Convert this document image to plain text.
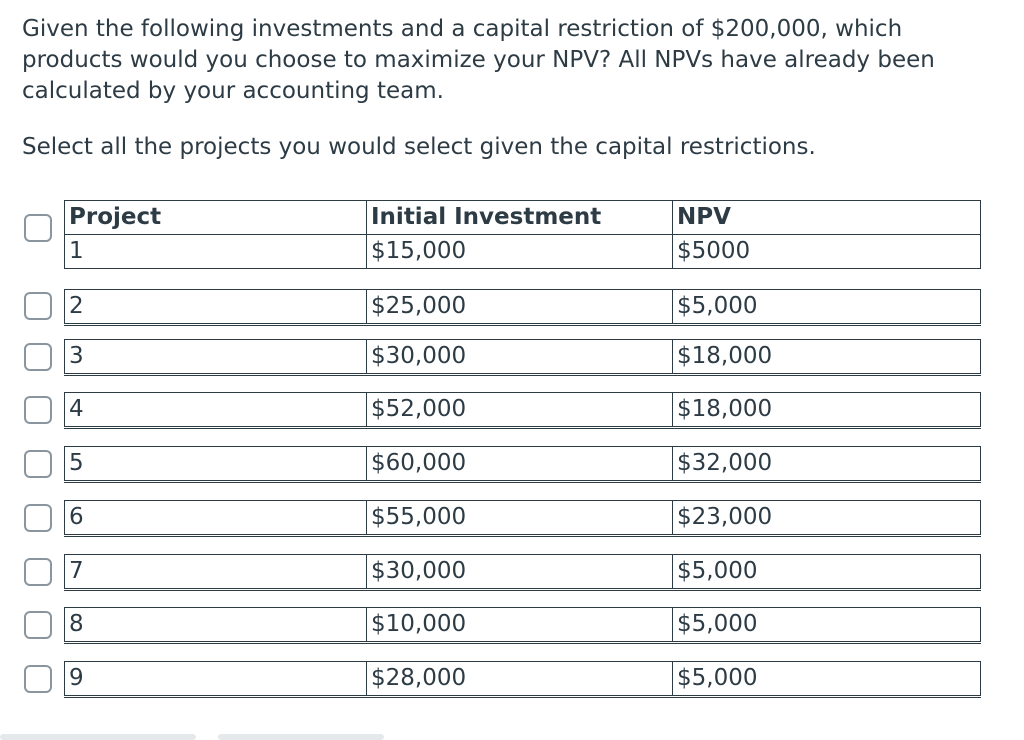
Given the following investments and a capital restriction of $200,000, which products would you choose to maximize your NPV? All NPVs have already been calculated by your accounting team.

Select all the projects you would select given the capital restrictions.
Project	Initial Investment	NPV
1	$15,000	$5000
2	$25,000	$5,000
3	$30,000	$18,000
4	$52,000	$18,000
5	$60,000	$32,000
6	$55,000	$23,000
7	$30,000	$5,000
8	$10,000	$5,000
9	$28,000	$5,000
